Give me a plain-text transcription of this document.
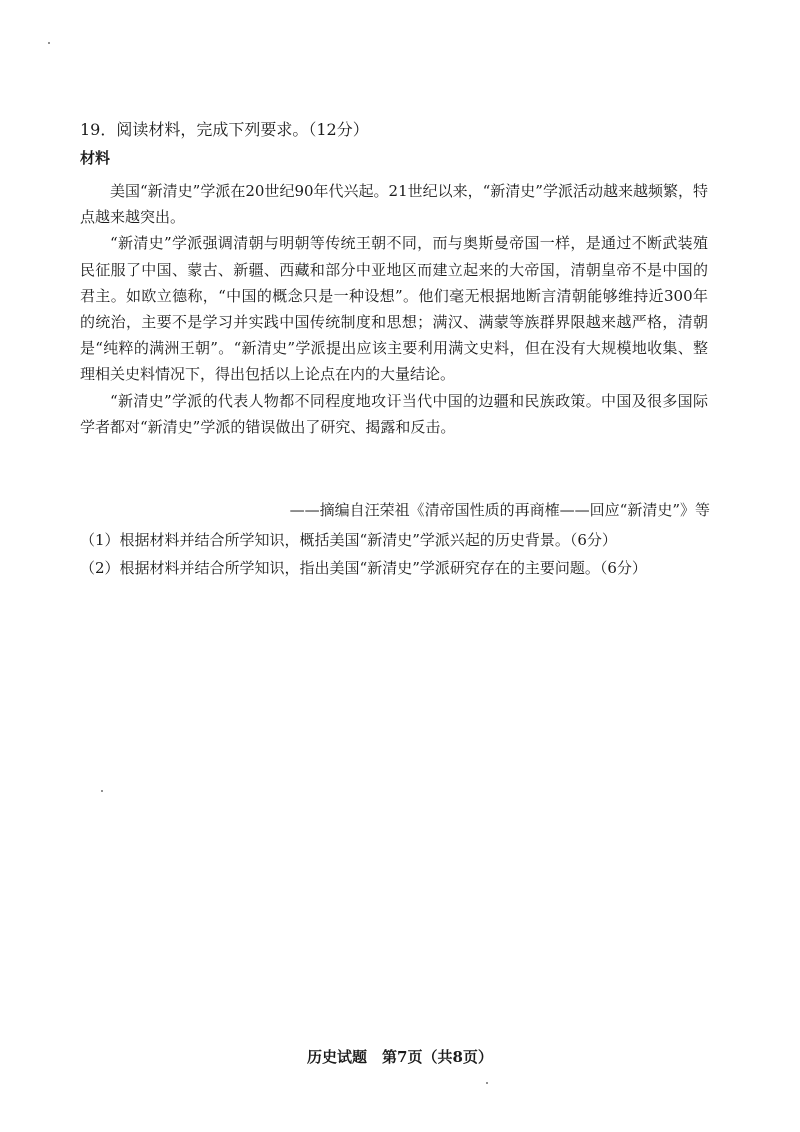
19．阅读材料，完成下列要求。（12分）
材料

美国“新清史”学派在20世纪90年代兴起。21世纪以来，“新清史”学派活动越来越频繁，特点越来越突出。

“新清史”学派强调清朝与明朝等传统王朝不同，而与奥斯曼帝国一样，是通过不断武装殖民征服了中国、蒙古、新疆、西藏和部分中亚地区而建立起来的大帝国，清朝皇帝不是中国的君主。如欧立德称，“中国的概念只是一种设想”。他们毫无根据地断言清朝能够维持近300年的统治，主要不是学习并实践中国传统制度和思想；满汉、满蒙等族群界限越来越严格，清朝是“纯粹的满洲王朝”。“新清史”学派提出应该主要利用满文史料，但在没有大规模地收集、整理相关史料情况下，得出包括以上论点在内的大量结论。

“新清史”学派的代表人物都不同程度地攻讦当代中国的边疆和民族政策。中国及很多国际学者都对“新清史”学派的错误做出了研究、揭露和反击。

——摘编自汪荣祖《清帝国性质的再商榷——回应“新清史”》等
（1）根据材料并结合所学知识，概括美国“新清史”学派兴起的历史背景。（6分）
（2）根据材料并结合所学知识，指出美国“新清史”学派研究存在的主要问题。（6分）
历史试题　第7页（共8页）
